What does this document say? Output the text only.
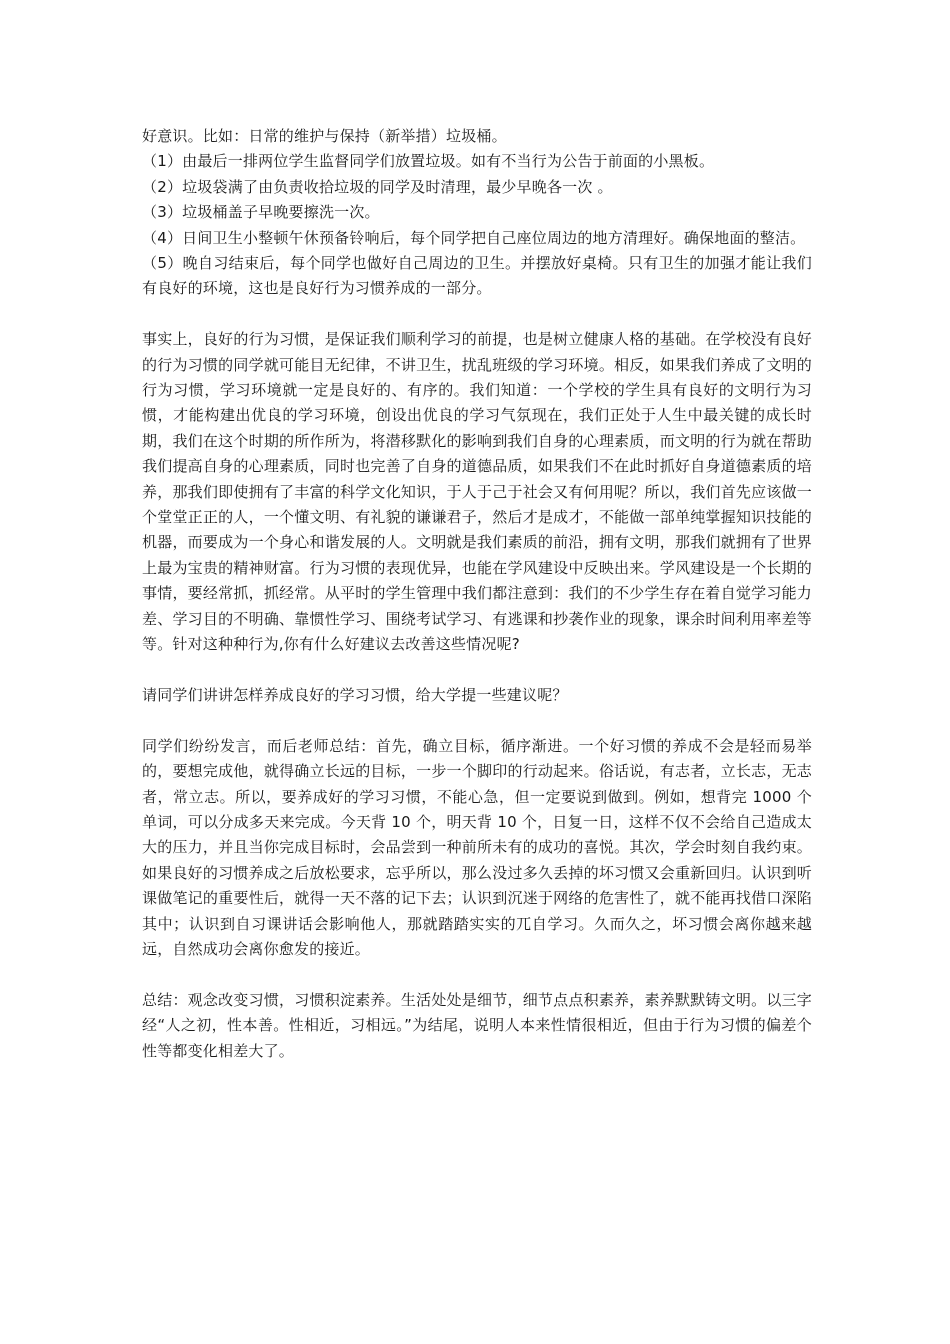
好意识。比如：日常的维护与保持（新举措）垃圾桶。

（1）由最后一排两位学生监督同学们放置垃圾。如有不当行为公告于前面的小黑板。

（2）垃圾袋满了由负责收拾垃圾的同学及时清理，最少早晚各一次 。

（3）垃圾桶盖子早晚要擦洗一次。

（4）日间卫生小整顿午休预备铃响后，每个同学把自己座位周边的地方清理好。确保地面的整洁。

（5）晚自习结束后，每个同学也做好自己周边的卫生。并摆放好桌椅。只有卫生的加强才能让我们有良好的环境，这也是良好行为习惯养成的一部分。

事实上，良好的行为习惯，是保证我们顺利学习的前提，也是树立健康人格的基础。在学校没有良好的行为习惯的同学就可能目无纪律，不讲卫生，扰乱班级的学习环境。相反，如果我们养成了文明的行为习惯，学习环境就一定是良好的、有序的。我们知道：一个学校的学生具有良好的文明行为习惯，才能构建出优良的学习环境，创设出优良的学习气氛现在，我们正处于人生中最关键的成长时期，我们在这个时期的所作所为，将潜移默化的影响到我们自身的心理素质，而文明的行为就在帮助我们提高自身的心理素质，同时也完善了自身的道德品质，如果我们不在此时抓好自身道德素质的培养，那我们即使拥有了丰富的科学文化知识，于人于己于社会又有何用呢？所以，我们首先应该做一个堂堂正正的人，一个懂文明、有礼貌的谦谦君子，然后才是成才，不能做一部单纯掌握知识技能的机器，而要成为一个身心和谐发展的人。文明就是我们素质的前沿，拥有文明，那我们就拥有了世界上最为宝贵的精神财富。行为习惯的表现优异，也能在学风建设中反映出来。学风建设是一个长期的事情，要经常抓，抓经常。从平时的学生管理中我们都注意到：我们的不少学生存在着自觉学习能力差、学习目的不明确、靠惯性学习、围绕考试学习、有逃课和抄袭作业的现象，课余时间利用率差等等。针对这种种行为,你有什么好建议去改善这些情况呢?

请同学们讲讲怎样养成良好的学习习惯，给大学提一些建议呢？

同学们纷纷发言，而后老师总结：首先，确立目标，循序渐进。一个好习惯的养成不会是轻而易举的，要想完成他，就得确立长远的目标，一步一个脚印的行动起来。俗话说，有志者，立长志，无志者，常立志。所以，要养成好的学习习惯，不能心急，但一定要说到做到。例如，想背完 1000 个单词，可以分成多天来完成。今天背 10 个，明天背 10 个，日复一日，这样不仅不会给自己造成太大的压力，并且当你完成目标时，会品尝到一种前所未有的成功的喜悦。其次，学会时刻自我约束。如果良好的习惯养成之后放松要求，忘乎所以，那么没过多久丢掉的坏习惯又会重新回归。认识到听课做笔记的重要性后，就得一天不落的记下去；认识到沉迷于网络的危害性了，就不能再找借口深陷其中；认识到自习课讲话会影响他人，那就踏踏实实的兀自学习。久而久之，坏习惯会离你越来越远，自然成功会离你愈发的接近。

总结：观念改变习惯，习惯积淀素养。生活处处是细节，细节点点积素养，素养默默铸文明。以三字经“人之初，性本善。性相近，习相远。”为结尾，说明人本来性情很相近，但由于行为习惯的偏差个性等都变化相差大了。
